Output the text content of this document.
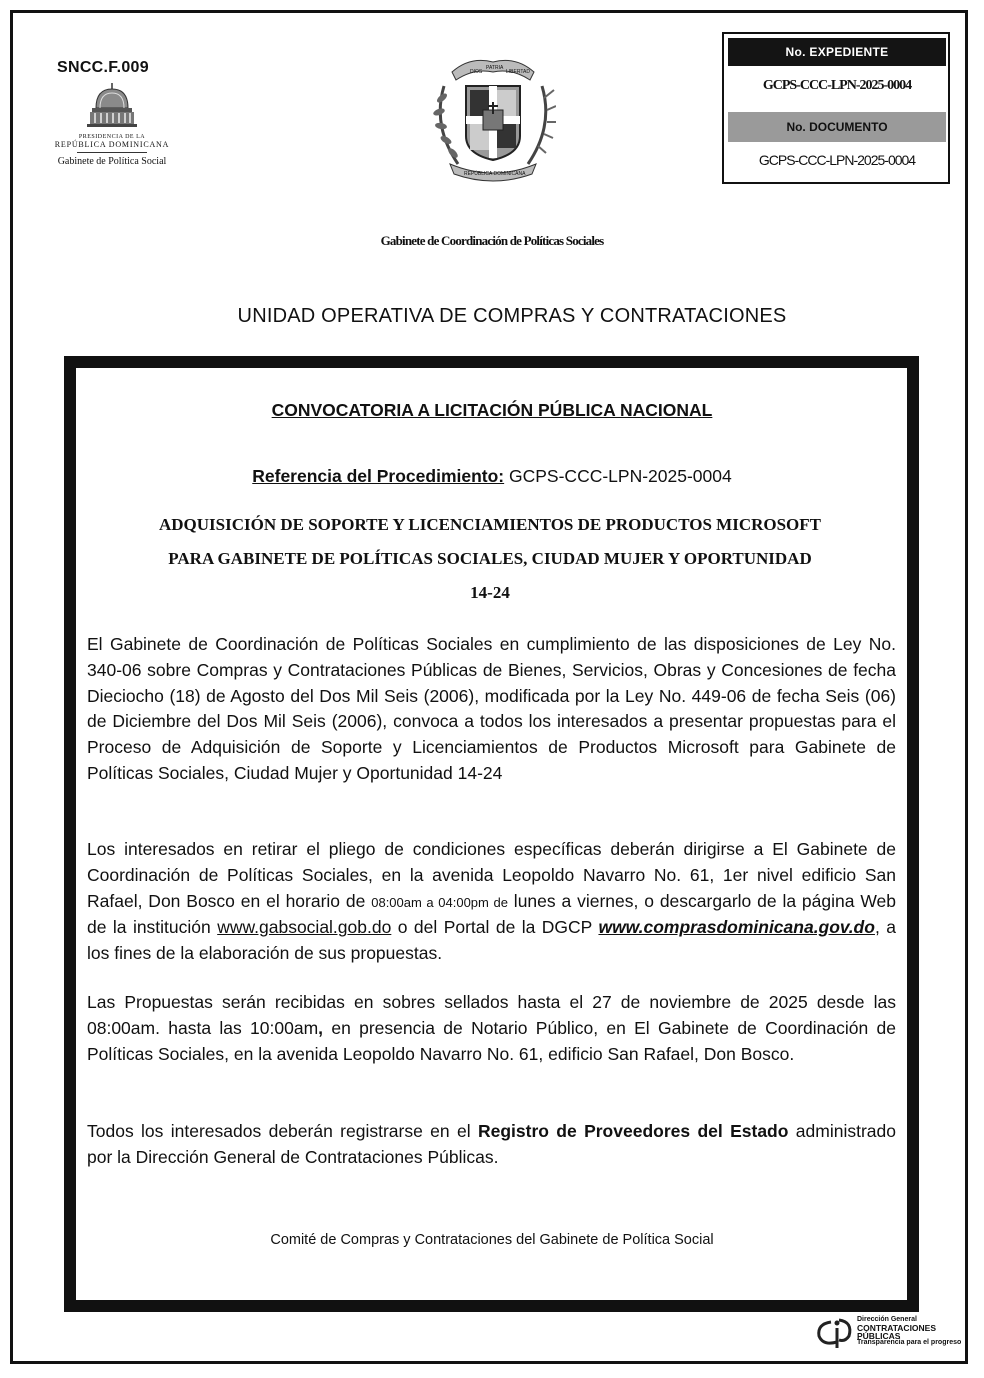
SNCC.F.009
PRESIDENCIA DE LA
REPÚBLICA DOMINICANA
Gabinete de Política Social
DIOS
PATRIA
LIBERTAD
REPÚBLICA DOMINICANA
No. EXPEDIENTE
GCPS-CCC-LPN-2025-0004
No. DOCUMENTO
GCPS-CCC-LPN-2025-0004
Gabinete de Coordinación de Políticas Sociales
UNIDAD OPERATIVA DE COMPRAS Y CONTRATACIONES
CONVOCATORIA A LICITACIÓN PÚBLICA NACIONAL
Referencia del Procedimiento: GCPS-CCC-LPN-2025-0004
ADQUISICIÓN DE SOPORTE Y LICENCIAMIENTOS DE PRODUCTOS MICROSOFT
PARA GABINETE DE POLÍTICAS SOCIALES, CIUDAD MUJER Y OPORTUNIDAD
14-24

El Gabinete de Coordinación de Políticas Sociales en cumplimiento de las disposiciones de Ley No. 340-06 sobre Compras y Contrataciones Públicas de Bienes, Servicios, Obras y Concesiones de fecha Dieciocho (18) de Agosto del Dos Mil Seis (2006), modificada por la Ley No. 449-06 de fecha Seis (06) de Diciembre del Dos Mil Seis (2006), convoca a todos los interesados a presentar propuestas para el Proceso de Adquisición de Soporte y Licenciamientos de Productos Microsoft para Gabinete de Políticas Sociales, Ciudad Mujer y Oportunidad 14-24

Los interesados en retirar el pliego de condiciones específicas deberán dirigirse a El Gabinete de Coordinación de Políticas Sociales, en la avenida Leopoldo Navarro No. 61, 1er nivel edificio San Rafael, Don Bosco en el horario de 08:00am a 04:00pm de lunes a viernes, o descargarlo de la página Web de la institución www.gabsocial.gob.do o del Portal de la DGCP www.comprasdominicana.gov.do, a los fines de la elaboración de sus propuestas.

Las Propuestas serán recibidas en sobres sellados hasta el 27 de noviembre de 2025 desde las 08:00am. hasta las 10:00am, en presencia de Notario Público, en El Gabinete de Coordinación de Políticas Sociales, en la avenida Leopoldo Navarro No. 61, edificio San Rafael, Don Bosco.

Todos los interesados deberán registrarse en el Registro de Proveedores del Estado administrado por la Dirección General de Contrataciones Públicas.

Comité de Compras y Contrataciones del Gabinete de Política Social
Dirección General
CONTRATACIONES
PÚBLICAS
Transparencia para el progreso
